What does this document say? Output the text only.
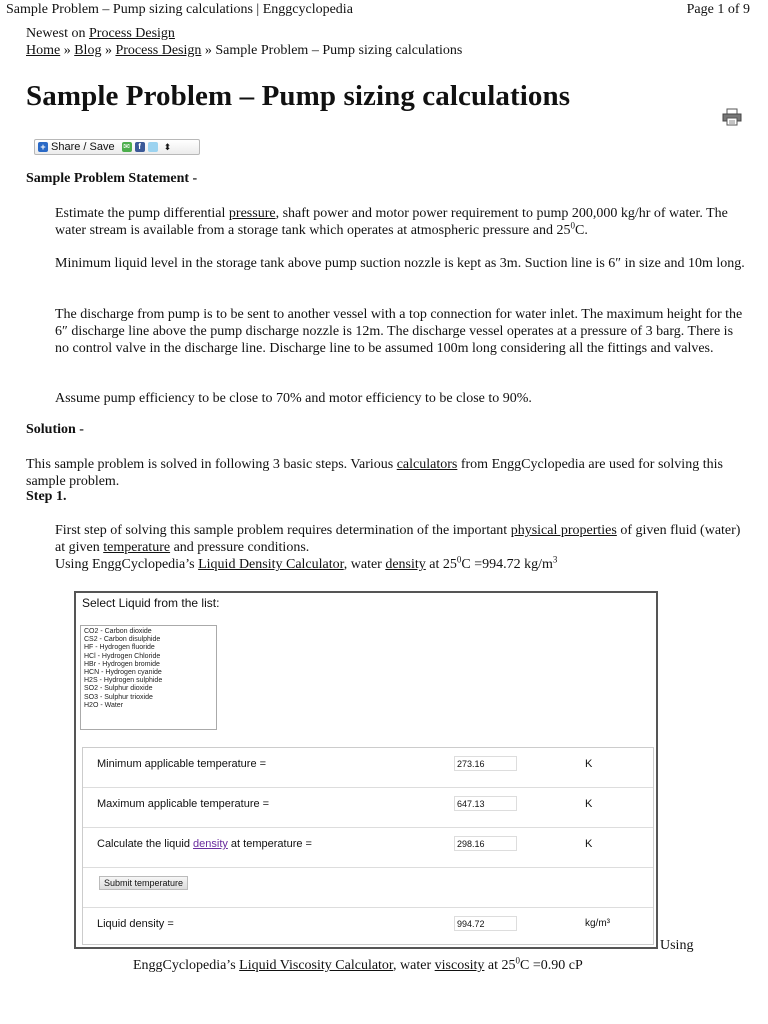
Sample Problem – Pump sizing calculations | Enggcyclopedia	Page 1 of 9
Newest on Process Design
Home » Blog » Process Design » Sample Problem – Pump sizing calculations
Sample Problem – Pump sizing calculations
+ Share / Save ✉	f	⬍
Sample Problem Statement -
Estimate the pump differential pressure, shaft power and motor power requirement to pump 200,000 kg/hr of water. The water stream is available from a storage tank which operates at atmospheric pressure and $25^0C$.
Minimum liquid level in the storage tank above pump suction nozzle is kept as 3m. Suction line is 6″ in size and 10m long.
The discharge from pump is to be sent to another vessel with a top connection for water inlet. The maximum height for the 6″ discharge line above the pump discharge nozzle is 12m. The discharge vessel operates at a pressure of 3 barg. There is no control valve in the discharge line. Discharge line to be assumed 100m long considering all the fittings and valves.
Assume pump efficiency to be close to 70% and motor efficiency to be close to 90%.
Solution -
This sample problem is solved in following 3 basic steps. Various calculators from EnggCyclopedia are used for solving this sample problem.
Step 1.
First step of solving this sample problem requires determination of the important physical properties of given fluid (water) at given temperature and pressure conditions.
Using EnggCyclopedia’s Liquid Density Calculator, water density at $25^0C =994.72$ $kg/m^3$
Select Liquid from the list:
CO2 - Carbon dioxide
CS2 - Carbon disulphide
HF - Hydrogen fluoride
HCl - Hydrogen Chloride
HBr - Hydrogen bromide
HCN - Hydrogen cyanide
H2S - Hydrogen sulphide
SO2 - Sulphur dioxide
SO3 - Sulphur trioxide
H2O - Water
Minimum applicable temperature =	273.16	K
Maximum applicable temperature =	647.13	K
Calculate the liquid density at temperature =	298.16	K
Submit temperature
Liquid density =	994.72	kg/m³
Using
EnggCyclopedia’s Liquid Viscosity Calculator, water viscosity at $25^0C =0.90$ cP
